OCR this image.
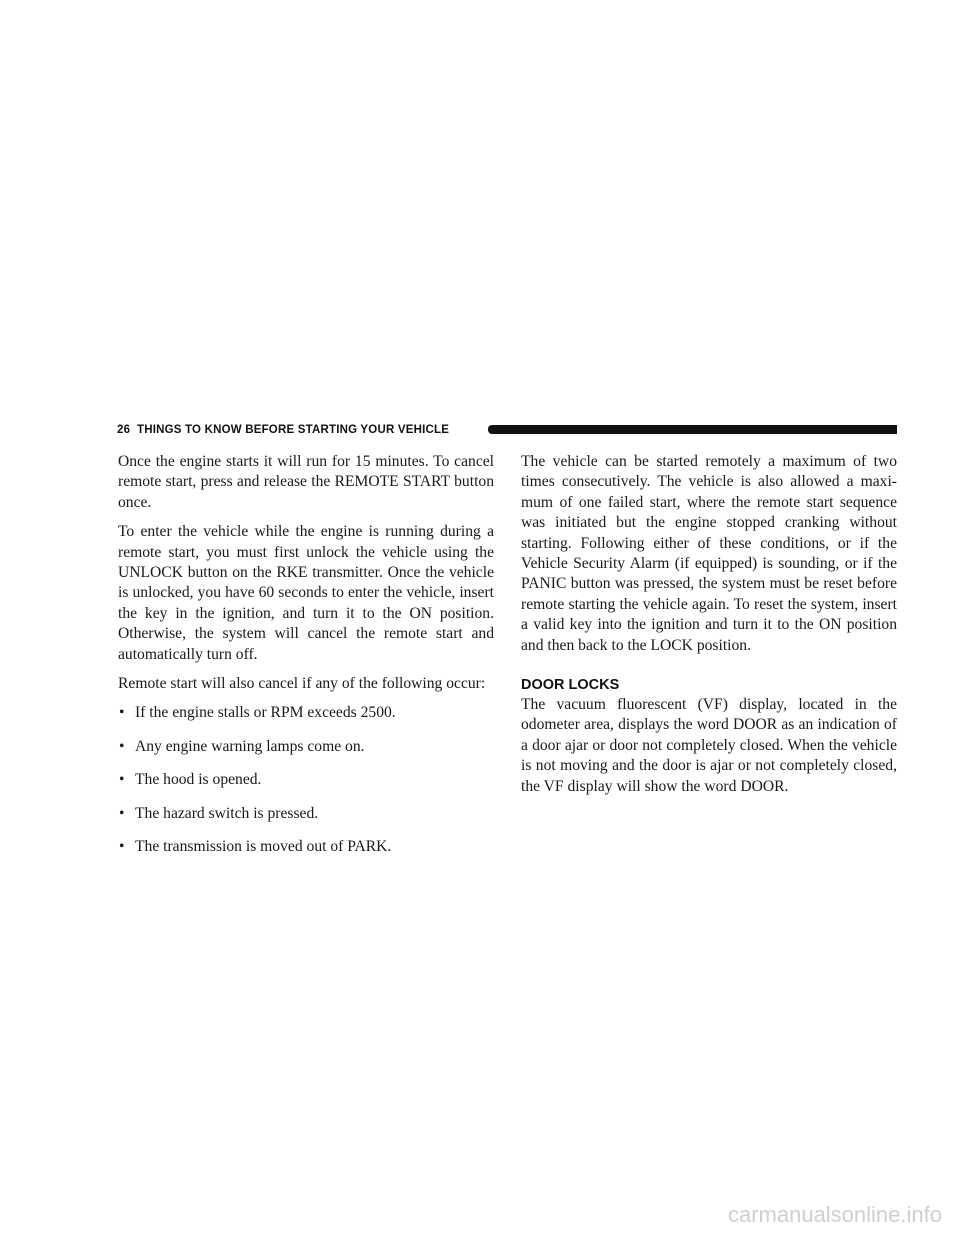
26 THINGS TO KNOW BEFORE STARTING YOUR VEHICLE

Once the engine starts it will run for 15 minutes. To cancel remote start, press and release the REMOTE START button once.

To enter the vehicle while the engine is running during a remote start, you must first unlock the vehicle using the UNLOCK button on the RKE transmitter. Once the vehicle is unlocked, you have 60 seconds to enter the vehicle, insert the key in the ignition, and turn it to the ON position. Otherwise, the system will cancel the remote start and automatically turn off.

Remote start will also cancel if any of the following occur:

• If the engine stalls or RPM exceeds 2500.
• Any engine warning lamps come on.
• The hood is opened.
• The hazard switch is pressed.
• The transmission is moved out of PARK.

The vehicle can be started remotely a maximum of two times consecutively. The vehicle is also allowed a maxi-mum of one failed start, where the remote start sequence was initiated but the engine stopped cranking without starting. Following either of these conditions, or if the Vehicle Security Alarm (if equipped) is sounding, or if the PANIC button was pressed, the system must be reset before remote starting the vehicle again. To reset the system, insert a valid key into the ignition and turn it to the ON position and then back to the LOCK position.

DOOR LOCKS

The vacuum fluorescent (VF) display, located in the odometer area, displays the word DOOR as an indication of a door ajar or door not completely closed. When the vehicle is not moving and the door is ajar or not completely closed, the VF display will show the word DOOR.

carmanualsonline.info
